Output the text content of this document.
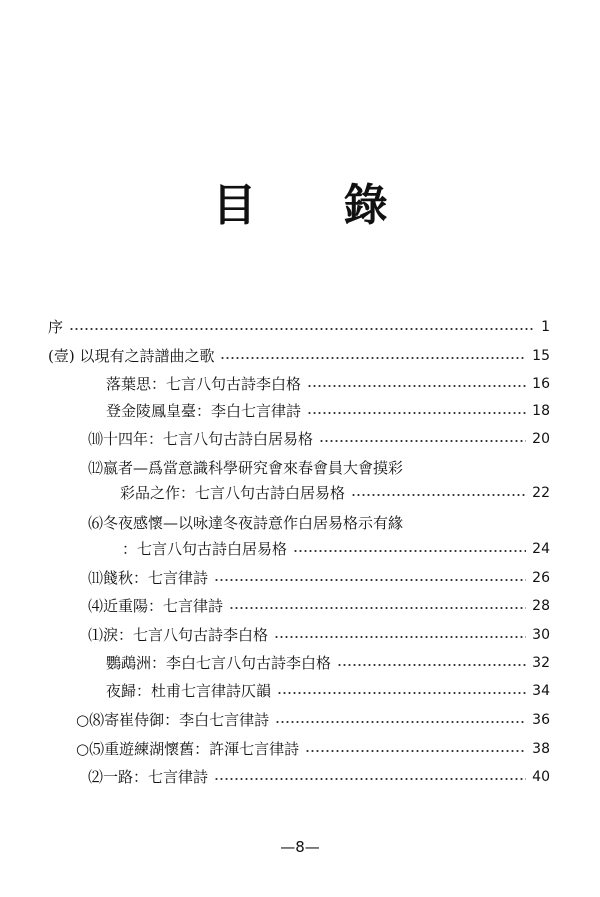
目 錄
序	1
(壹) 以現有之詩譜曲之歌	15
落葉思：七言八句古詩李白格	16
登金陵鳳皇臺：李白七言律詩	18
⑽十四年：七言八句古詩白居易格	20
⑿嬴者—爲當意識科學研究會來春會員大會摸彩
彩品之作：七言八句古詩白居易格	22
⑹冬夜感懷—以咏達冬夜詩意作白居易格示有緣
：七言八句古詩白居易格	24
⑾餞秋：七言律詩	26
⑷近重陽：七言律詩	28
⑴淚：七言八句古詩李白格	30
鸚鵡洲：李白七言八句古詩李白格	32
夜歸：杜甫七言律詩仄韻	34
○⑻寄崔侍御：李白七言律詩	36
○⑸重遊練湖懷舊：許渾七言律詩	38
⑵一路：七言律詩	40
—8—
